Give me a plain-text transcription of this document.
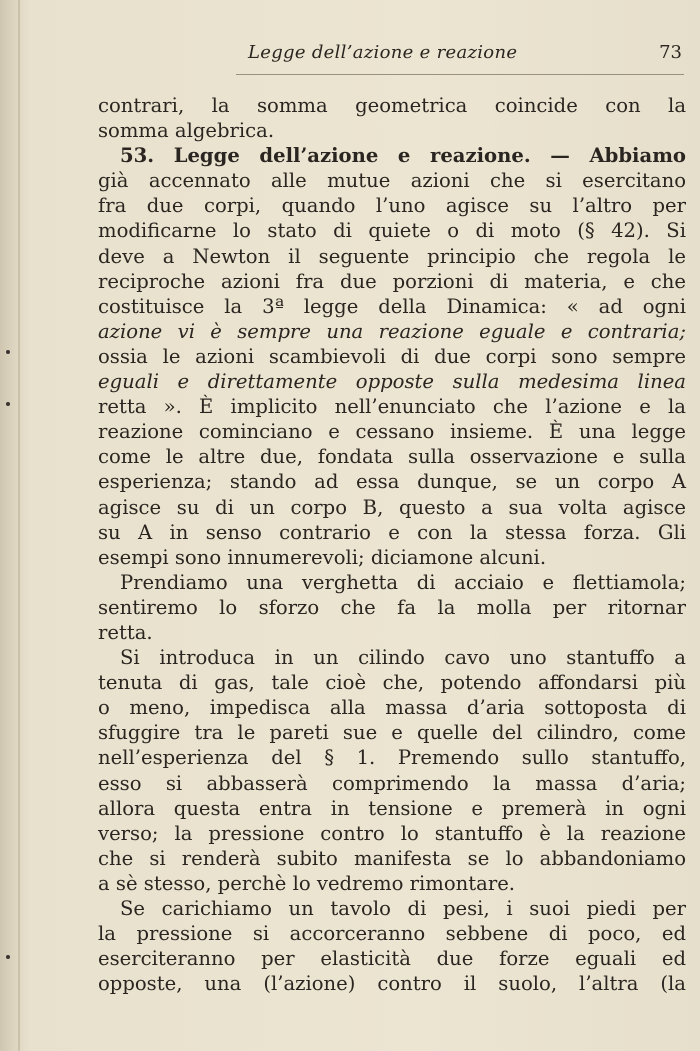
Legge dell’azione e reazione	73
contrari, la somma geometrica coincide con la
somma algebrica.
53. Legge dell’azione e reazione. — Abbiamo
già accennato alle mutue azioni che si esercitano
fra due corpi, quando l’uno agisce su l’altro per
modificarne lo stato di quiete o di moto (§ 42). Si
deve a Newton il seguente principio che regola le
reciproche azioni fra due porzioni di materia, e che
costituisce la 3ª legge della Dinamica: « ad ogni
azione vi è sempre una reazione eguale e contraria;
ossia le azioni scambievoli di due corpi sono sempre
eguali e direttamente opposte sulla medesima linea
retta ». È implicito nell’enunciato che l’azione e la
reazione cominciano e cessano insieme. È una legge
come le altre due, fondata sulla osservazione e sulla
esperienza; stando ad essa dunque, se un corpo A
agisce su di un corpo B, questo a sua volta agisce
su A in senso contrario e con la stessa forza. Gli
esempi sono innumerevoli; diciamone alcuni.
Prendiamo una verghetta di acciaio e flettiamola;
sentiremo lo sforzo che fa la molla per ritornar
retta.
Si introduca in un cilindo cavo uno stantuffo a
tenuta di gas, tale cioè che, potendo affondarsi più
o meno, impedisca alla massa d’aria sottoposta di
sfuggire tra le pareti sue e quelle del cilindro, come
nell’esperienza del § 1. Premendo sullo stantuffo,
esso si abbasserà comprimendo la massa d’aria;
allora questa entra in tensione e premerà in ogni
verso; la pressione contro lo stantuffo è la reazione
che si renderà subito manifesta se lo abbandoniamo
a sè stesso, perchè lo vedremo rimontare.
Se carichiamo un tavolo di pesi, i suoi piedi per
la pressione si accorceranno sebbene di poco, ed
eserciteranno per elasticità due forze eguali ed
opposte, una (l’azione) contro il suolo, l’altra (la
